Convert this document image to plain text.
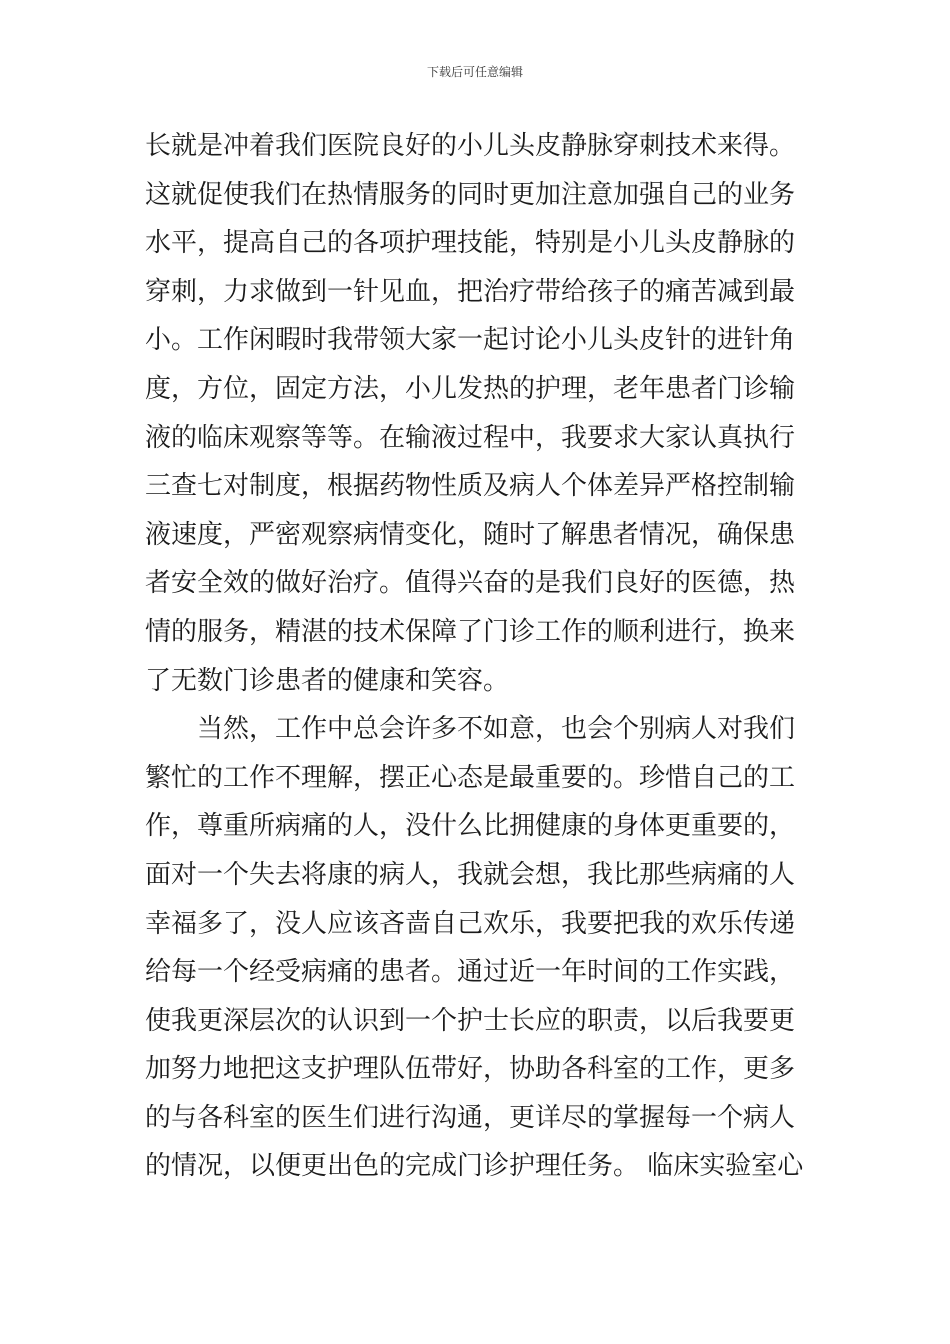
下载后可任意编辑
长就是冲着我们医院良好的小儿头皮静脉穿刺技术来得。
这就促使我们在热情服务的同时更加注意加强自己的业务
水平，提高自己的各项护理技能，特别是小儿头皮静脉的
穿刺，力求做到一针见血，把治疗带给孩子的痛苦减到最
小。工作闲暇时我带领大家一起讨论小儿头皮针的进针角
度，方位，固定方法，小儿发热的护理，老年患者门诊输
液的临床观察等等。在输液过程中，我要求大家认真执行
三查七对制度，根据药物性质及病人个体差异严格控制输
液速度，严密观察病情变化，随时了解患者情况，确保患
者安全效的做好治疗。值得兴奋的是我们良好的医德，热
情的服务，精湛的技术保障了门诊工作的顺利进行，换来
了无数门诊患者的健康和笑容。
　　当然，工作中总会许多不如意，也会个别病人对我们
繁忙的工作不理解，摆正心态是最重要的。珍惜自己的工
作，尊重所病痛的人，没什么比拥健康的身体更重要的，
面对一个失去将康的病人，我就会想，我比那些病痛的人
幸福多了，没人应该吝啬自己欢乐，我要把我的欢乐传递
给每一个经受病痛的患者。通过近一年时间的工作实践，
使我更深层次的认识到一个护士长应的职责，以后我要更
加努力地把这支护理队伍带好，协助各科室的工作，更多
的与各科室的医生们进行沟通，更详尽的掌握每一个病人
的情况，以便更出色的完成门诊护理任务。 临床实验室心
